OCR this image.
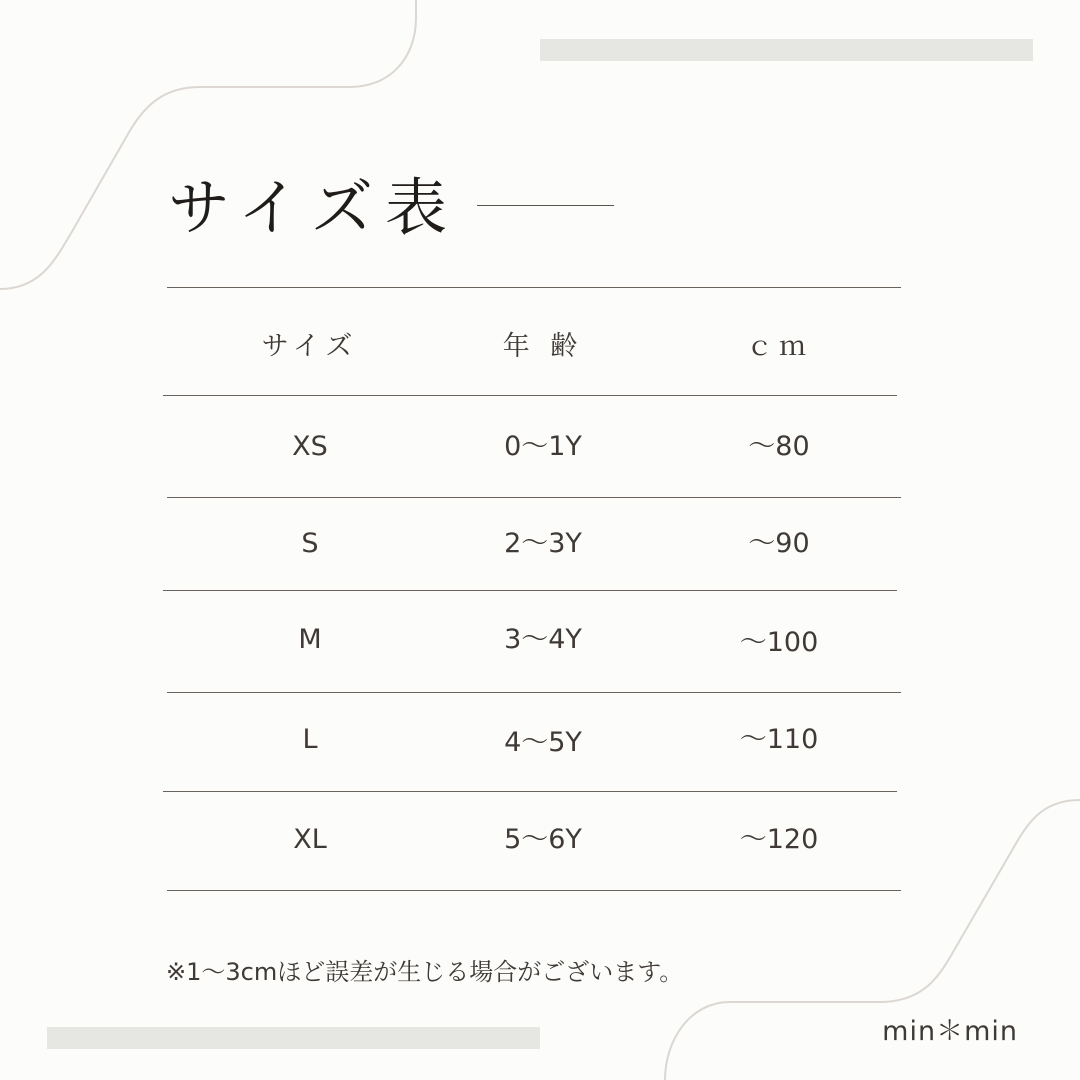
サイズ表
サイズ	年 齢	ｃｍ
XS	0〜1Y	〜80
S	2〜3Y	〜90
M	3〜4Y	〜100
L	4〜5Y	〜110
XL	5〜6Y	〜120
※1〜3cmほど誤差が生じる場合がございます。
min＊min
